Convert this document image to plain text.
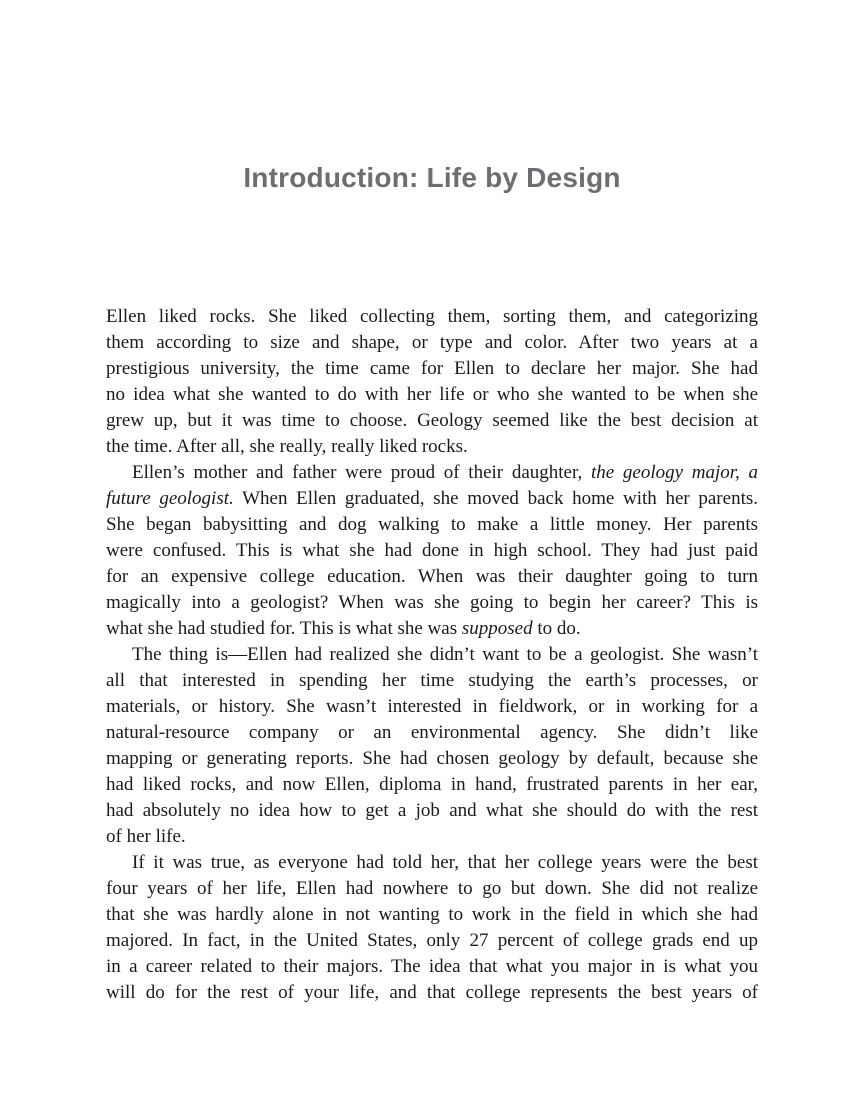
Introduction: Life by Design
Ellen liked rocks. She liked collecting them, sorting them, and categorizing
them according to size and shape, or type and color. After two years at a
prestigious university, the time came for Ellen to declare her major. She had
no idea what she wanted to do with her life or who she wanted to be when she
grew up, but it was time to choose. Geology seemed like the best decision at
the time. After all, she really, really liked rocks.
Ellen’s mother and father were proud of their daughter, the geology major, a
future geologist. When Ellen graduated, she moved back home with her parents.
She began babysitting and dog walking to make a little money. Her parents
were confused. This is what she had done in high school. They had just paid
for an expensive college education. When was their daughter going to turn
magically into a geologist? When was she going to begin her career? This is
what she had studied for. This is what she was supposed to do.
The thing is—Ellen had realized she didn’t want to be a geologist. She wasn’t
all that interested in spending her time studying the earth’s processes, or
materials, or history. She wasn’t interested in fieldwork, or in working for a
natural-resource company or an environmental agency. She didn’t like
mapping or generating reports. She had chosen geology by default, because she
had liked rocks, and now Ellen, diploma in hand, frustrated parents in her ear,
had absolutely no idea how to get a job and what she should do with the rest
of her life.
If it was true, as everyone had told her, that her college years were the best
four years of her life, Ellen had nowhere to go but down. She did not realize
that she was hardly alone in not wanting to work in the field in which she had
majored. In fact, in the United States, only 27 percent of college grads end up
in a career related to their majors. The idea that what you major in is what you
will do for the rest of your life, and that college represents the best years of
